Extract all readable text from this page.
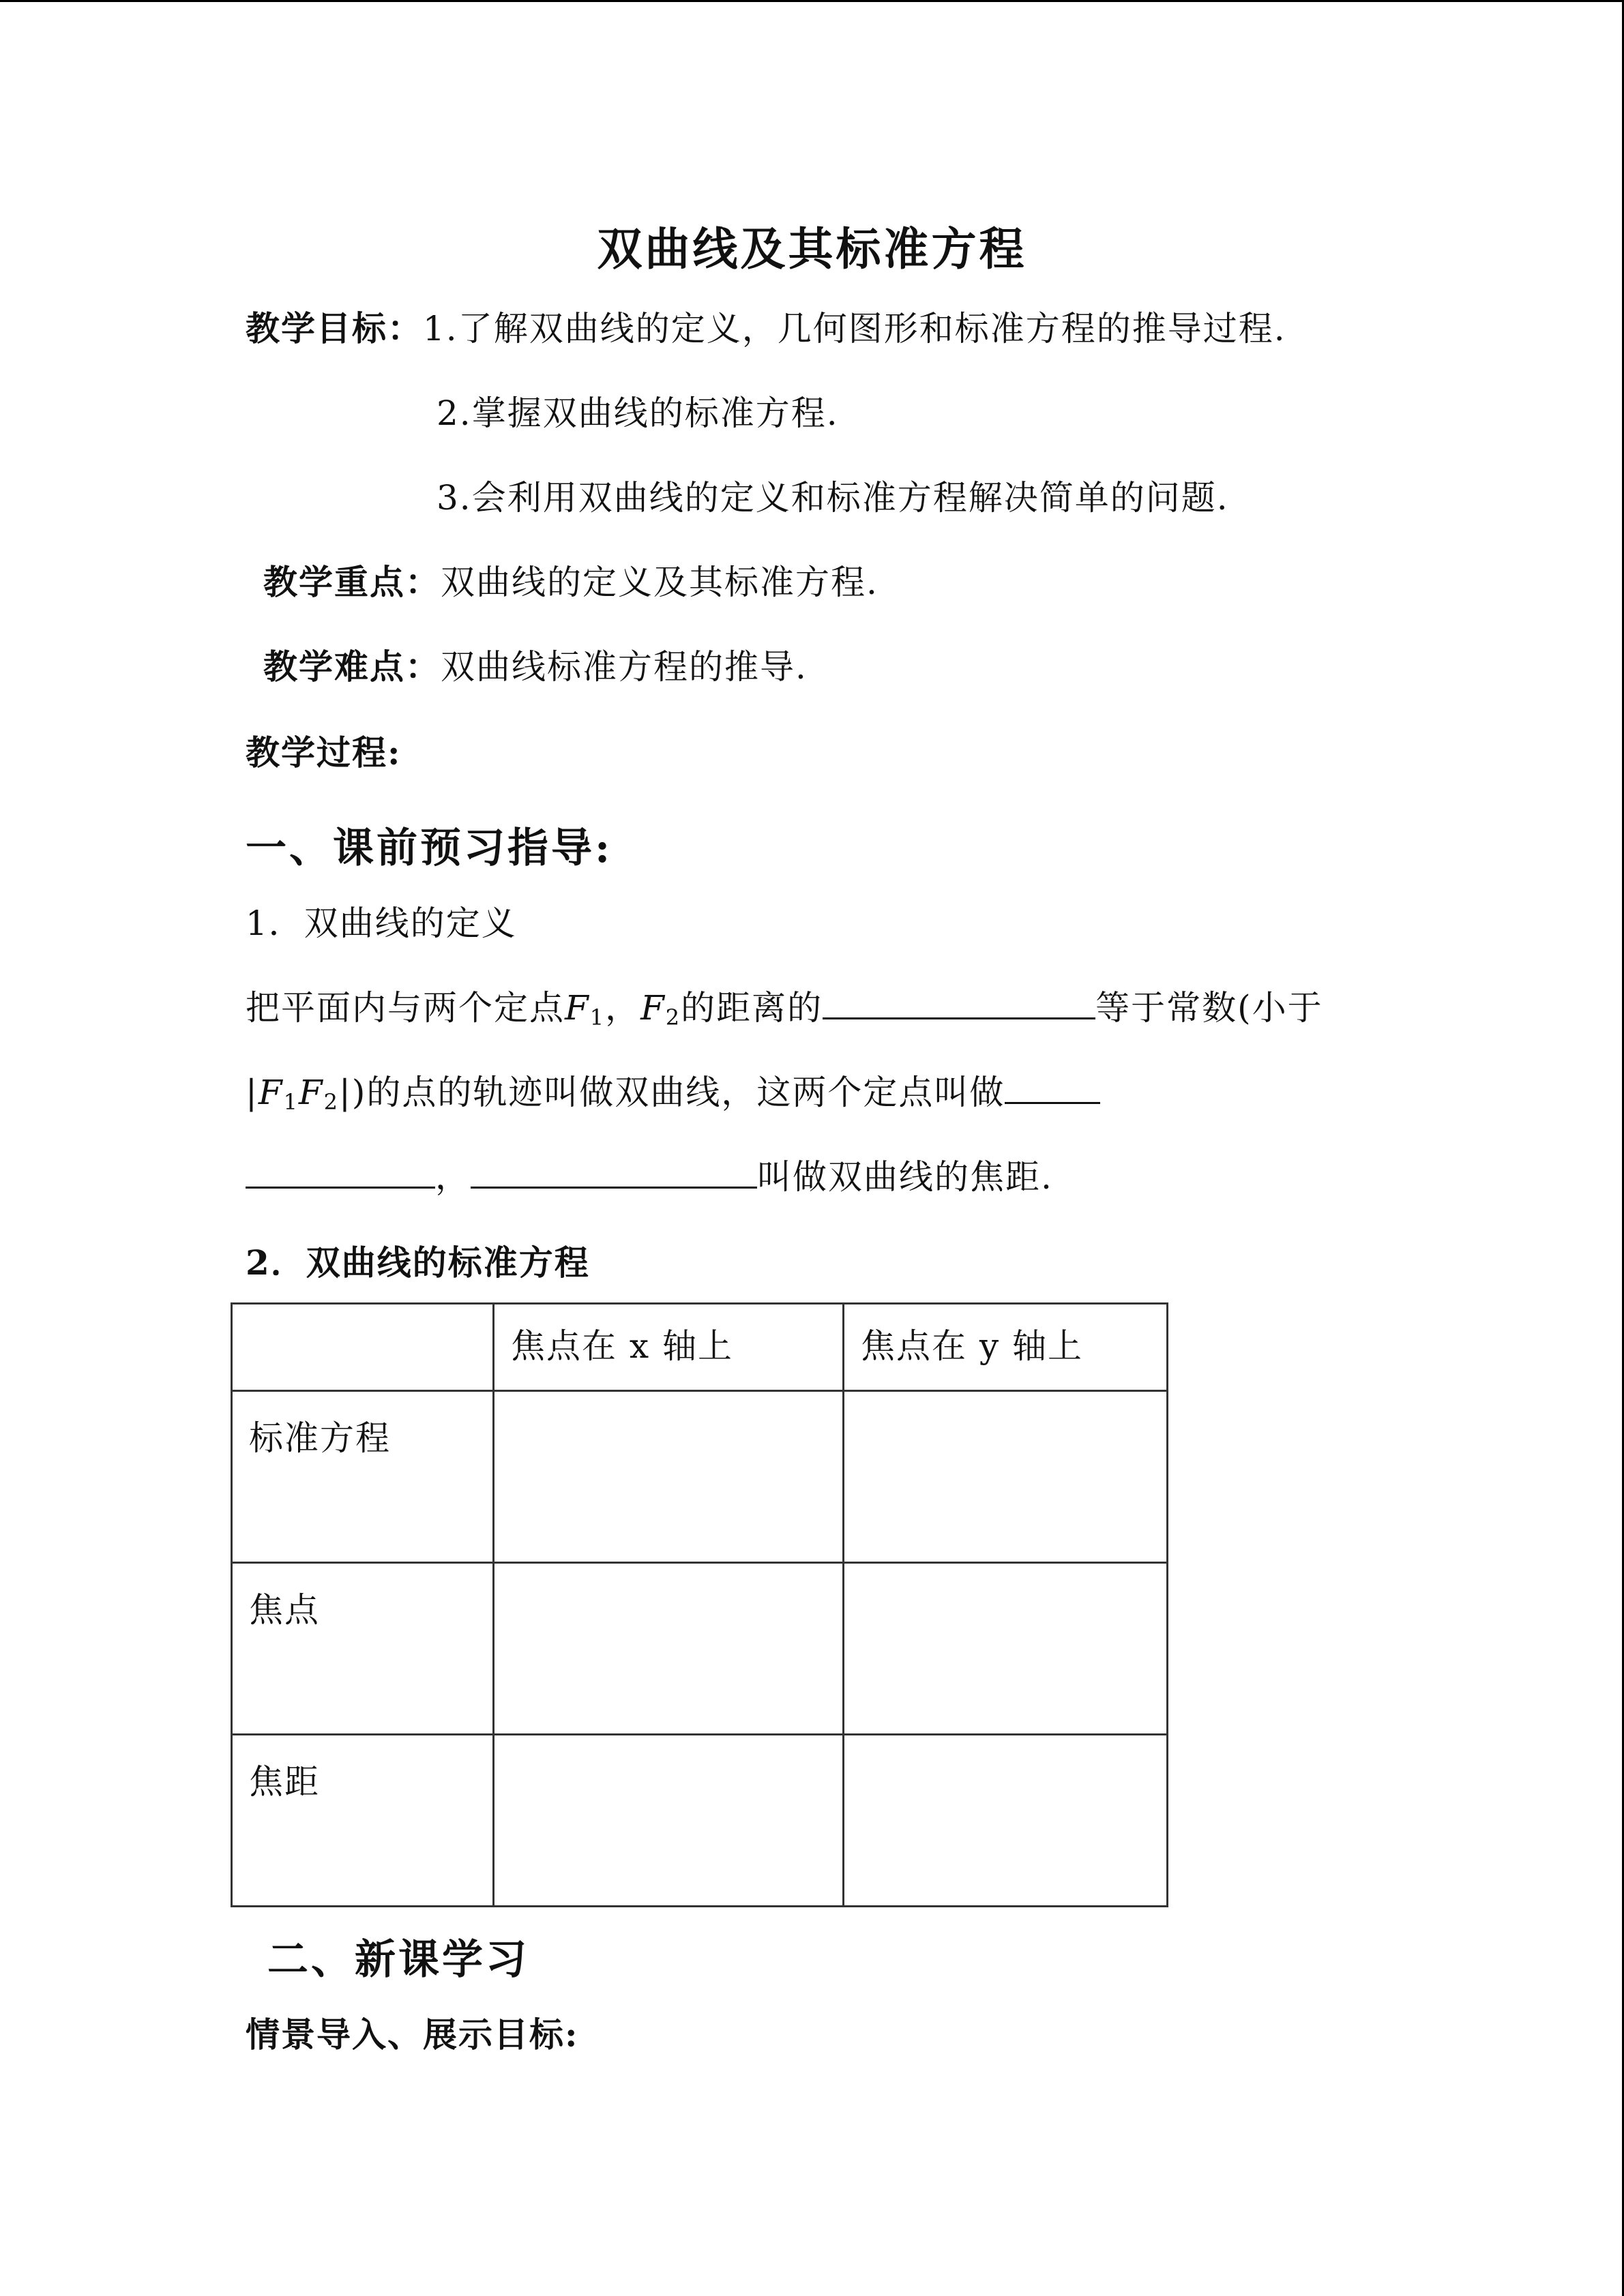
双曲线及其标准方程
教学目标：1.了解双曲线的定义，几何图形和标准方程的推导过程.
2.掌握双曲线的标准方程.
3.会利用双曲线的定义和标准方程解决简单的问题.
教学重点：双曲线的定义及其标准方程.
教学难点：双曲线标准方程的推导.
教学过程:
一、课前预习指导:
1．双曲线的定义
把平面内与两个定点$F_1$，$F_2$的距离的	等于常数(小于
$|F_1F_2|$)的点的轨迹叫做双曲线，这两个定点叫做
，	叫做双曲线的焦距.
2．双曲线的标准方程
	焦点在 x 轴上	焦点在 y 轴上
标准方程		
焦点		
焦距		
二、新课学习
情景导入、展示目标:
